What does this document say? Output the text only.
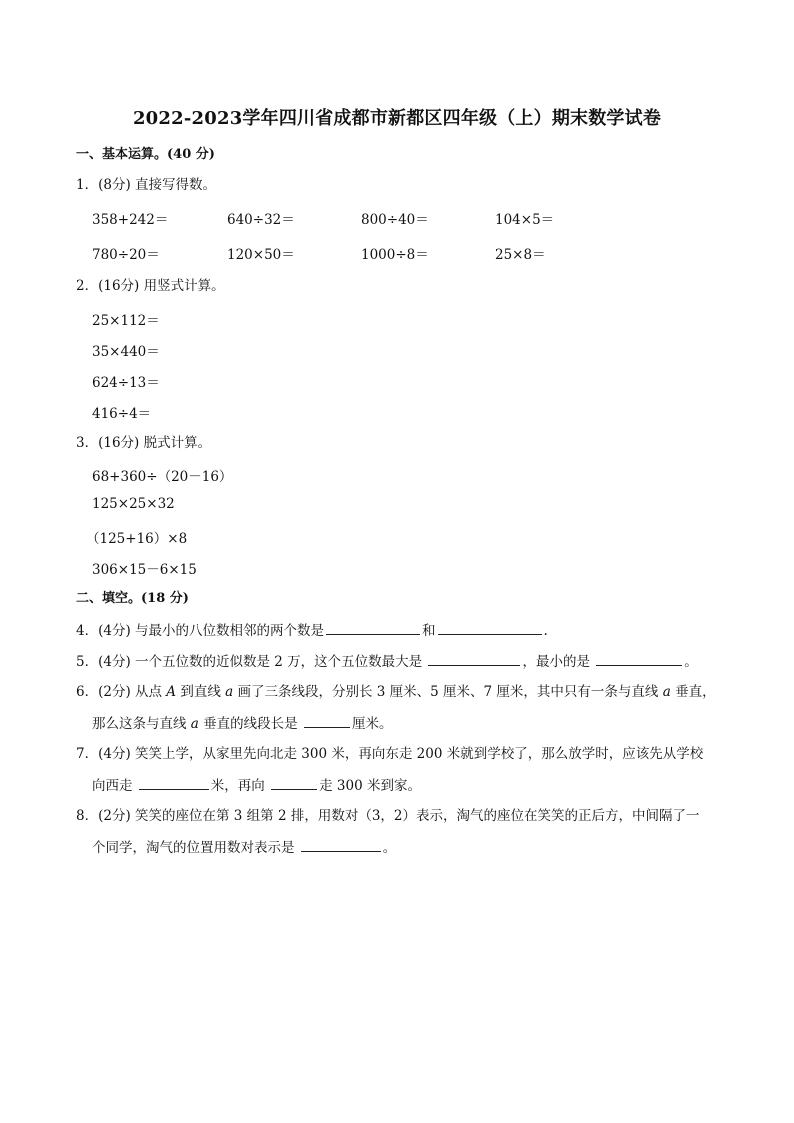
2022-2023学年四川省成都市新都区四年级（上）期末数学试卷
一、基本运算。(40 分)
1．(8分) 直接写得数。
358+242＝	640÷32＝	800÷40＝	104×5＝
780÷20＝	120×50＝	1000÷8＝	25×8＝
2．(16分) 用竖式计算。
25×112＝
35×440＝
624÷13＝
416÷4＝
3．(16分) 脱式计算。
68+360÷（20－16）
125×25×32
（125+16）×8
306×15－6×15
二、填空。(18 分)
4．(4分) 与最小的八位数相邻的两个数是	和	.
5．(4分) 一个五位数的近似数是 2 万，这个五位数最大是	，最小的是	。
6．(2分) 从点 A 到直线 a 画了三条线段，分别长 3 厘米、5 厘米、7 厘米，其中只有一条与直线 a 垂直，
那么这条与直线 a 垂直的线段长是	厘米。
7．(4分) 笑笑上学，从家里先向北走 300 米，再向东走 200 米就到学校了，那么放学时，应该先从学校
向西走	米，再向	走 300 米到家。
8．(2分) 笑笑的座位在第 3 组第 2 排，用数对（3，2）表示，淘气的座位在笑笑的正后方，中间隔了一
个同学，淘气的位置用数对表示是	。
